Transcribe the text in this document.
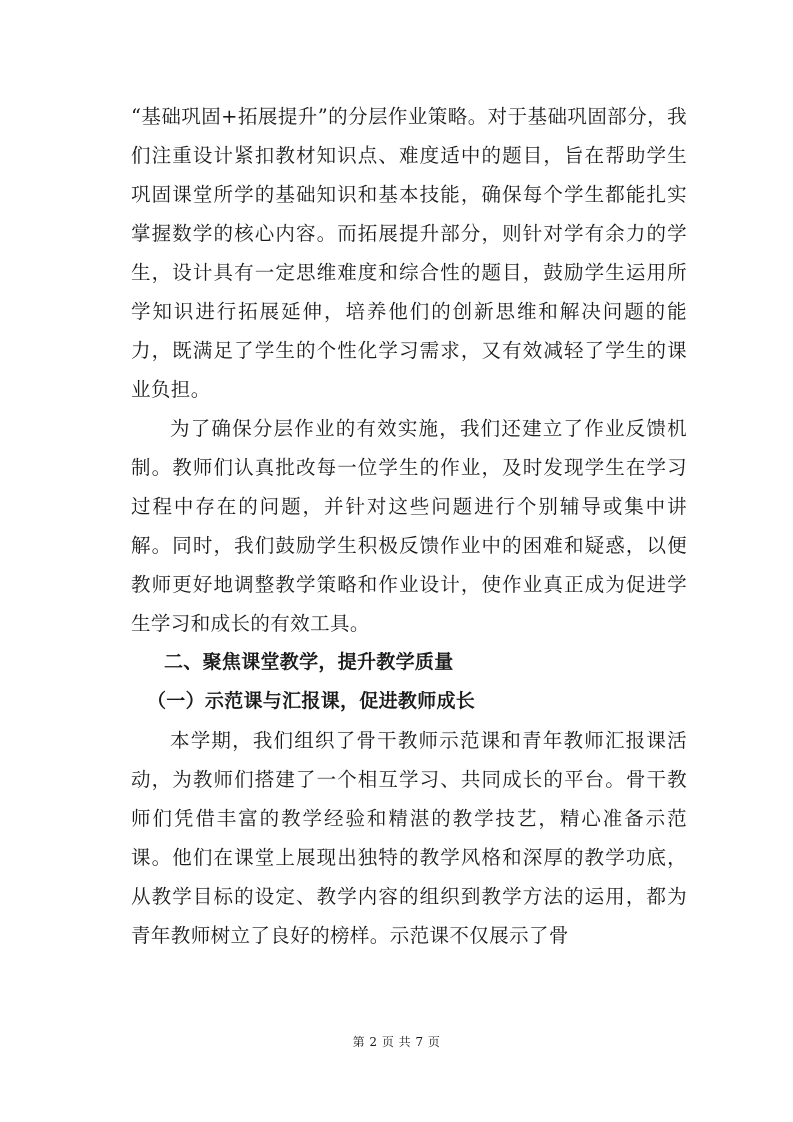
“基础巩固+拓展提升”的分层作业策略。对于基础巩固部分，我们注重设计紧扣教材知识点、难度适中的题目，旨在帮助学生巩固课堂所学的基础知识和基本技能，确保每个学生都能扎实掌握数学的核心内容。而拓展提升部分，则针对学有余力的学生，设计具有一定思维难度和综合性的题目，鼓励学生运用所学知识进行拓展延伸，培养他们的创新思维和解决问题的能力，既满足了学生的个性化学习需求，又有效减轻了学生的课业负担。

为了确保分层作业的有效实施，我们还建立了作业反馈机制。教师们认真批改每一位学生的作业，及时发现学生在学习过程中存在的问题，并针对这些问题进行个别辅导或集中讲解。同时，我们鼓励学生积极反馈作业中的困难和疑惑，以便教师更好地调整教学策略和作业设计，使作业真正成为促进学生学习和成长的有效工具。

二、聚焦课堂教学，提升教学质量

（一）示范课与汇报课，促进教师成长

本学期，我们组织了骨干教师示范课和青年教师汇报课活动，为教师们搭建了一个相互学习、共同成长的平台。骨干教师们凭借丰富的教学经验和精湛的教学技艺，精心准备示范课。他们在课堂上展现出独特的教学风格和深厚的教学功底，从教学目标的设定、教学内容的组织到教学方法的运用，都为青年教师树立了良好的榜样。示范课不仅展示了骨

第 2 页 共 7 页
